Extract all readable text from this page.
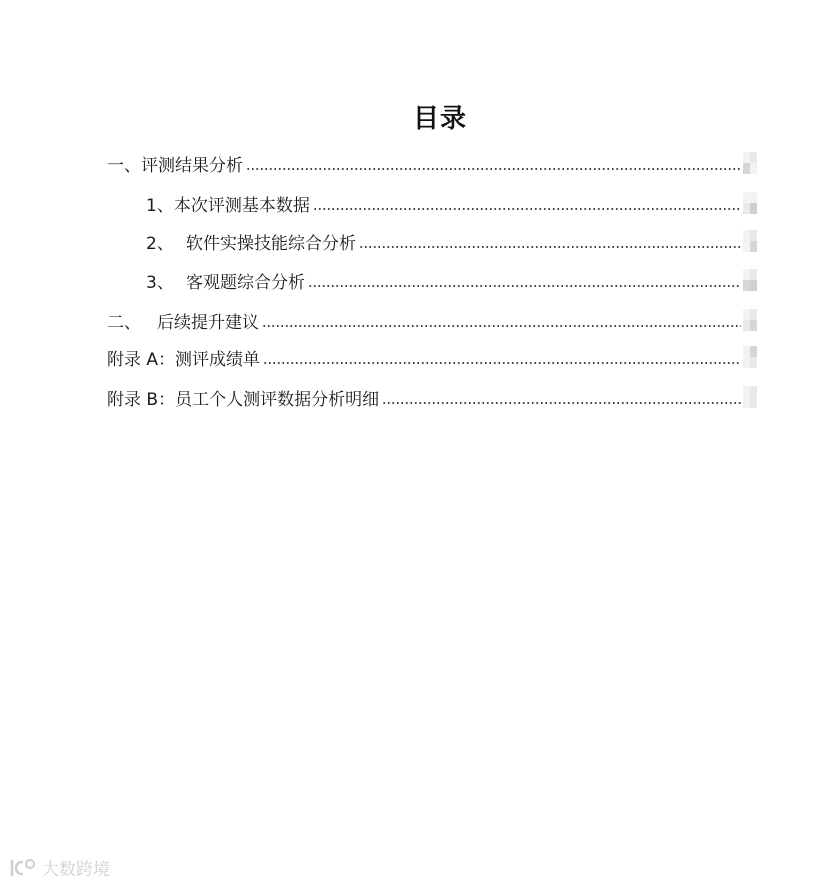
目录
一、评测结果分析
1、本次评测基本数据
2、 软件实操技能综合分析
3、 客观题综合分析
二、 后续提升建议
附录 A：测评成绩单
附录 B：员工个人测评数据分析明细
大数跨境
